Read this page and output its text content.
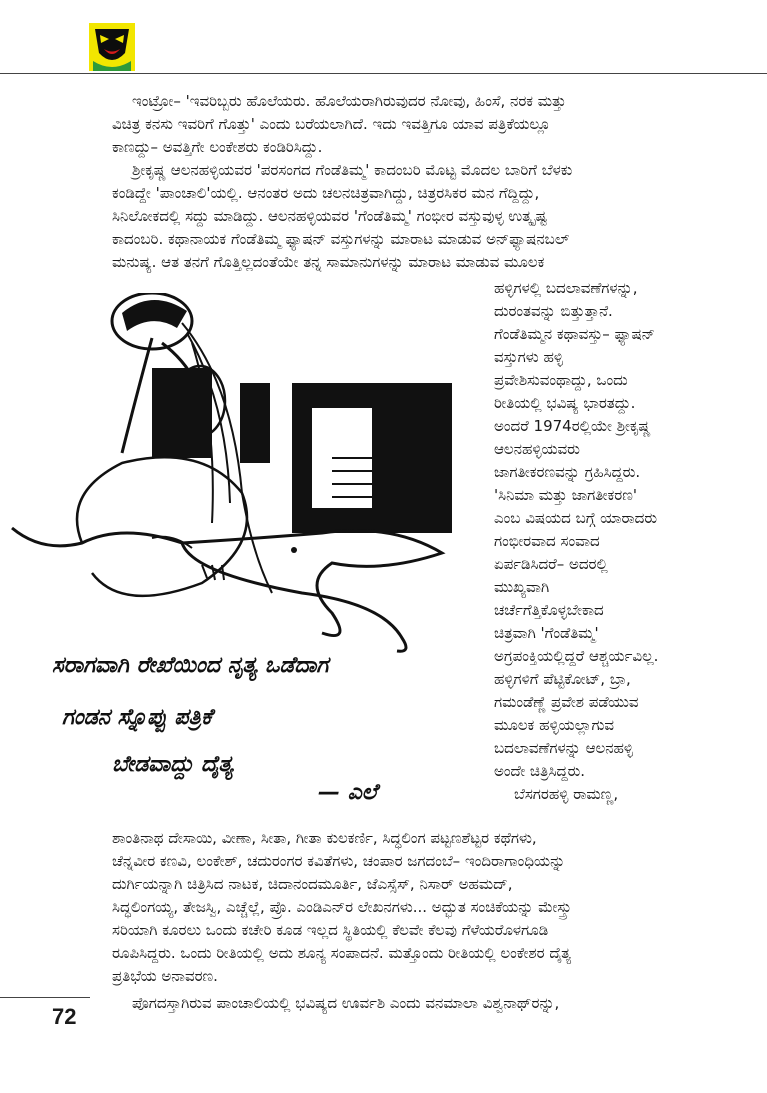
ಇಂಟ್ರೋ– 'ಇವರಿಬ್ಬರು ಹೊಲೆಯರು. ಹೊಲೆಯರಾಗಿರುವುದರ ನೋವು, ಹಿಂಸೆ, ನರಕ ಮತ್ತು
ವಿಚಿತ್ರ ಕನಸು ಇವರಿಗೆ ಗೊತ್ತು' ಎಂದು ಬರೆಯಲಾಗಿದೆ. ಇದು ಇವತ್ತಿಗೂ ಯಾವ ಪತ್ರಿಕೆಯಲ್ಲೂ
ಕಾಣದ್ದು– ಅವತ್ತಿಗೇ ಲಂಕೇಶರು ಕಂಡಿರಿಸಿದ್ದು.
ಶ್ರೀಕೃಷ್ಣ ಆಲನಹಳ್ಳಿಯವರ 'ಪರಸಂಗದ ಗೆಂಡೆತಿಮ್ಮ' ಕಾದಂಬರಿ ಮೊಟ್ಟ ಮೊದಲ ಬಾರಿಗೆ ಬೆಳಕು
ಕಂಡಿದ್ದೇ 'ಪಾಂಚಾಲಿ'ಯಲ್ಲಿ. ಆನಂತರ ಅದು ಚಲನಚಿತ್ರವಾಗಿದ್ದು, ಚಿತ್ರರಸಿಕರ ಮನ ಗೆದ್ದಿದ್ದು,
ಸಿನಿಲೋಕದಲ್ಲಿ ಸದ್ದು ಮಾಡಿದ್ದು. ಆಲನಹಳ್ಳಿಯವರ 'ಗೆಂಡೆತಿಮ್ಮ' ಗಂಭೀರ ವಸ್ತುವುಳ್ಳ ಉತ್ಕೃಷ್ಟ
ಕಾದಂಬರಿ. ಕಥಾನಾಯಕ ಗೆಂಡೆತಿಮ್ಮ ಫ್ಯಾಷನ್ ವಸ್ತುಗಳನ್ನು ಮಾರಾಟ ಮಾಡುವ ಅನ್‌ಫ್ಯಾಷನಬಲ್
ಮನುಷ್ಯ. ಆತ ತನಗೆ ಗೊತ್ತಿಲ್ಲದಂತೆಯೇ ತನ್ನ ಸಾಮಾನುಗಳನ್ನು ಮಾರಾಟ ಮಾಡುವ ಮೂಲಕ
ಸರಾಗವಾಗಿ ರೇಖೆಯಿಂದ ನೃತ್ಯ ಒಡೆದಾಗ
ಗಂಡನ ಸ್ನೊಪ್ಪು ಪತ್ರಿಕೆ
ಬೇಡವಾದ್ದು ದೈತ್ಯ
— ಎಲೆ
ಹಳ್ಳಿಗಳಲ್ಲಿ ಬದಲಾವಣೆಗಳನ್ನು,
ದುರಂತವನ್ನು ಬಿತ್ತುತ್ತಾನೆ.
ಗೆಂಡೆತಿಮ್ಮನ ಕಥಾವಸ್ತು– ಫ್ಯಾಷನ್
ವಸ್ತುಗಳು ಹಳ್ಳಿ
ಪ್ರವೇಶಿಸುವಂಥಾದ್ದು, ಒಂದು
ರೀತಿಯಲ್ಲಿ ಭವಿಷ್ಯ ಭಾರತದ್ದು.
ಅಂದರೆ 1974ರಲ್ಲಿಯೇ ಶ್ರೀಕೃಷ್ಣ
ಆಲನಹಳ್ಳಿಯವರು
ಜಾಗತೀಕರಣವನ್ನು ಗ್ರಹಿಸಿದ್ದರು.
'ಸಿನಿಮಾ ಮತ್ತು ಜಾಗತೀಕರಣ'
ಎಂಬ ವಿಷಯದ ಬಗ್ಗೆ ಯಾರಾದರು
ಗಂಭೀರವಾದ ಸಂವಾದ
ಏರ್ಪಡಿಸಿದರೆ– ಅದರಲ್ಲಿ
ಮುಖ್ಯವಾಗಿ
ಚರ್ಚೆಗೆತ್ತಿಕೊಳ್ಳಬೇಕಾದ
ಚಿತ್ರವಾಗಿ 'ಗೆಂಡೆತಿಮ್ಮ'
ಅಗ್ರಪಂಕ್ತಿಯಲ್ಲಿದ್ದರೆ ಆಶ್ಚರ್ಯವಿಲ್ಲ.
ಹಳ್ಳಿಗಳಿಗೆ ಪೆಟ್ಟಿಕೋಟ್, ಬ್ರಾ,
ಗಮಂಡೆಣ್ಣೆ ಪ್ರವೇಶ ಪಡೆಯುವ
ಮೂಲಕ ಹಳ್ಳಿಯಲ್ಲಾಗುವ
ಬದಲಾವಣೆಗಳನ್ನು ಆಲನಹಳ್ಳಿ
ಅಂದೇ ಚಿತ್ರಿಸಿದ್ದರು.
ಬೆಸಗರಹಳ್ಳಿ ರಾಮಣ್ಣ,
ಶಾಂತಿನಾಥ ದೇಸಾಯಿ, ವೀಣಾ, ಸೀತಾ, ಗೀತಾ ಕುಲಕರ್ಣಿ, ಸಿದ್ಧಲಿಂಗ ಪಟ್ಟಣಶೆಟ್ಟರ ಕಥೆಗಳು,
ಚೆನ್ನವೀರ ಕಣವಿ, ಲಂಕೇಶ್, ಚದುರಂಗರ ಕವಿತೆಗಳು, ಚಂಪಾರ ಜಗದಂಬೆ– ಇಂದಿರಾಗಾಂಧಿಯನ್ನು
ದುರ್ಗಿಯನ್ನಾಗಿ ಚಿತ್ರಿಸಿದ ನಾಟಕ, ಚಿದಾನಂದಮೂರ್ತಿ, ಜೆಎಸ್ಸೆಸ್, ನಿಸಾರ್ ಅಹಮದ್,
ಸಿದ್ಧಲಿಂಗಯ್ಯ, ತೇಜಸ್ವಿ, ಎಚ್ಚೆಲ್ಲೆ, ಪ್ರೊ. ಎಂಡಿಎನ್‌ರ ಲೇಖನಗಳು... ಅದ್ಭುತ ಸಂಚಿಕೆಯನ್ನು ಮೇಸ್ತ್ರು
ಸರಿಯಾಗಿ ಕೂರಲು ಒಂದು ಕಚೇರಿ ಕೂಡ ಇಲ್ಲದ ಸ್ಥಿತಿಯಲ್ಲಿ ಕೆಲವೇ ಕೆಲವು ಗೆಳೆಯರೊಳಗೂಡಿ
ರೂಪಿಸಿದ್ದರು. ಒಂದು ರೀತಿಯಲ್ಲಿ ಅದು ಶೂನ್ಯ ಸಂಪಾದನೆ. ಮತ್ತೊಂದು ರೀತಿಯಲ್ಲಿ ಲಂಕೇಶರ ದೈತ್ಯ
ಪ್ರತಿಭೆಯ ಅನಾವರಣ.
ಪೊಗದಸ್ತಾಗಿರುವ ಪಾಂಚಾಲಿಯಲ್ಲಿ ಭವಿಷ್ಯದ ಊರ್ವಶಿ ಎಂದು ವನಮಾಲಾ ವಿಶ್ವನಾಥ್‌ರನ್ನು,
72
